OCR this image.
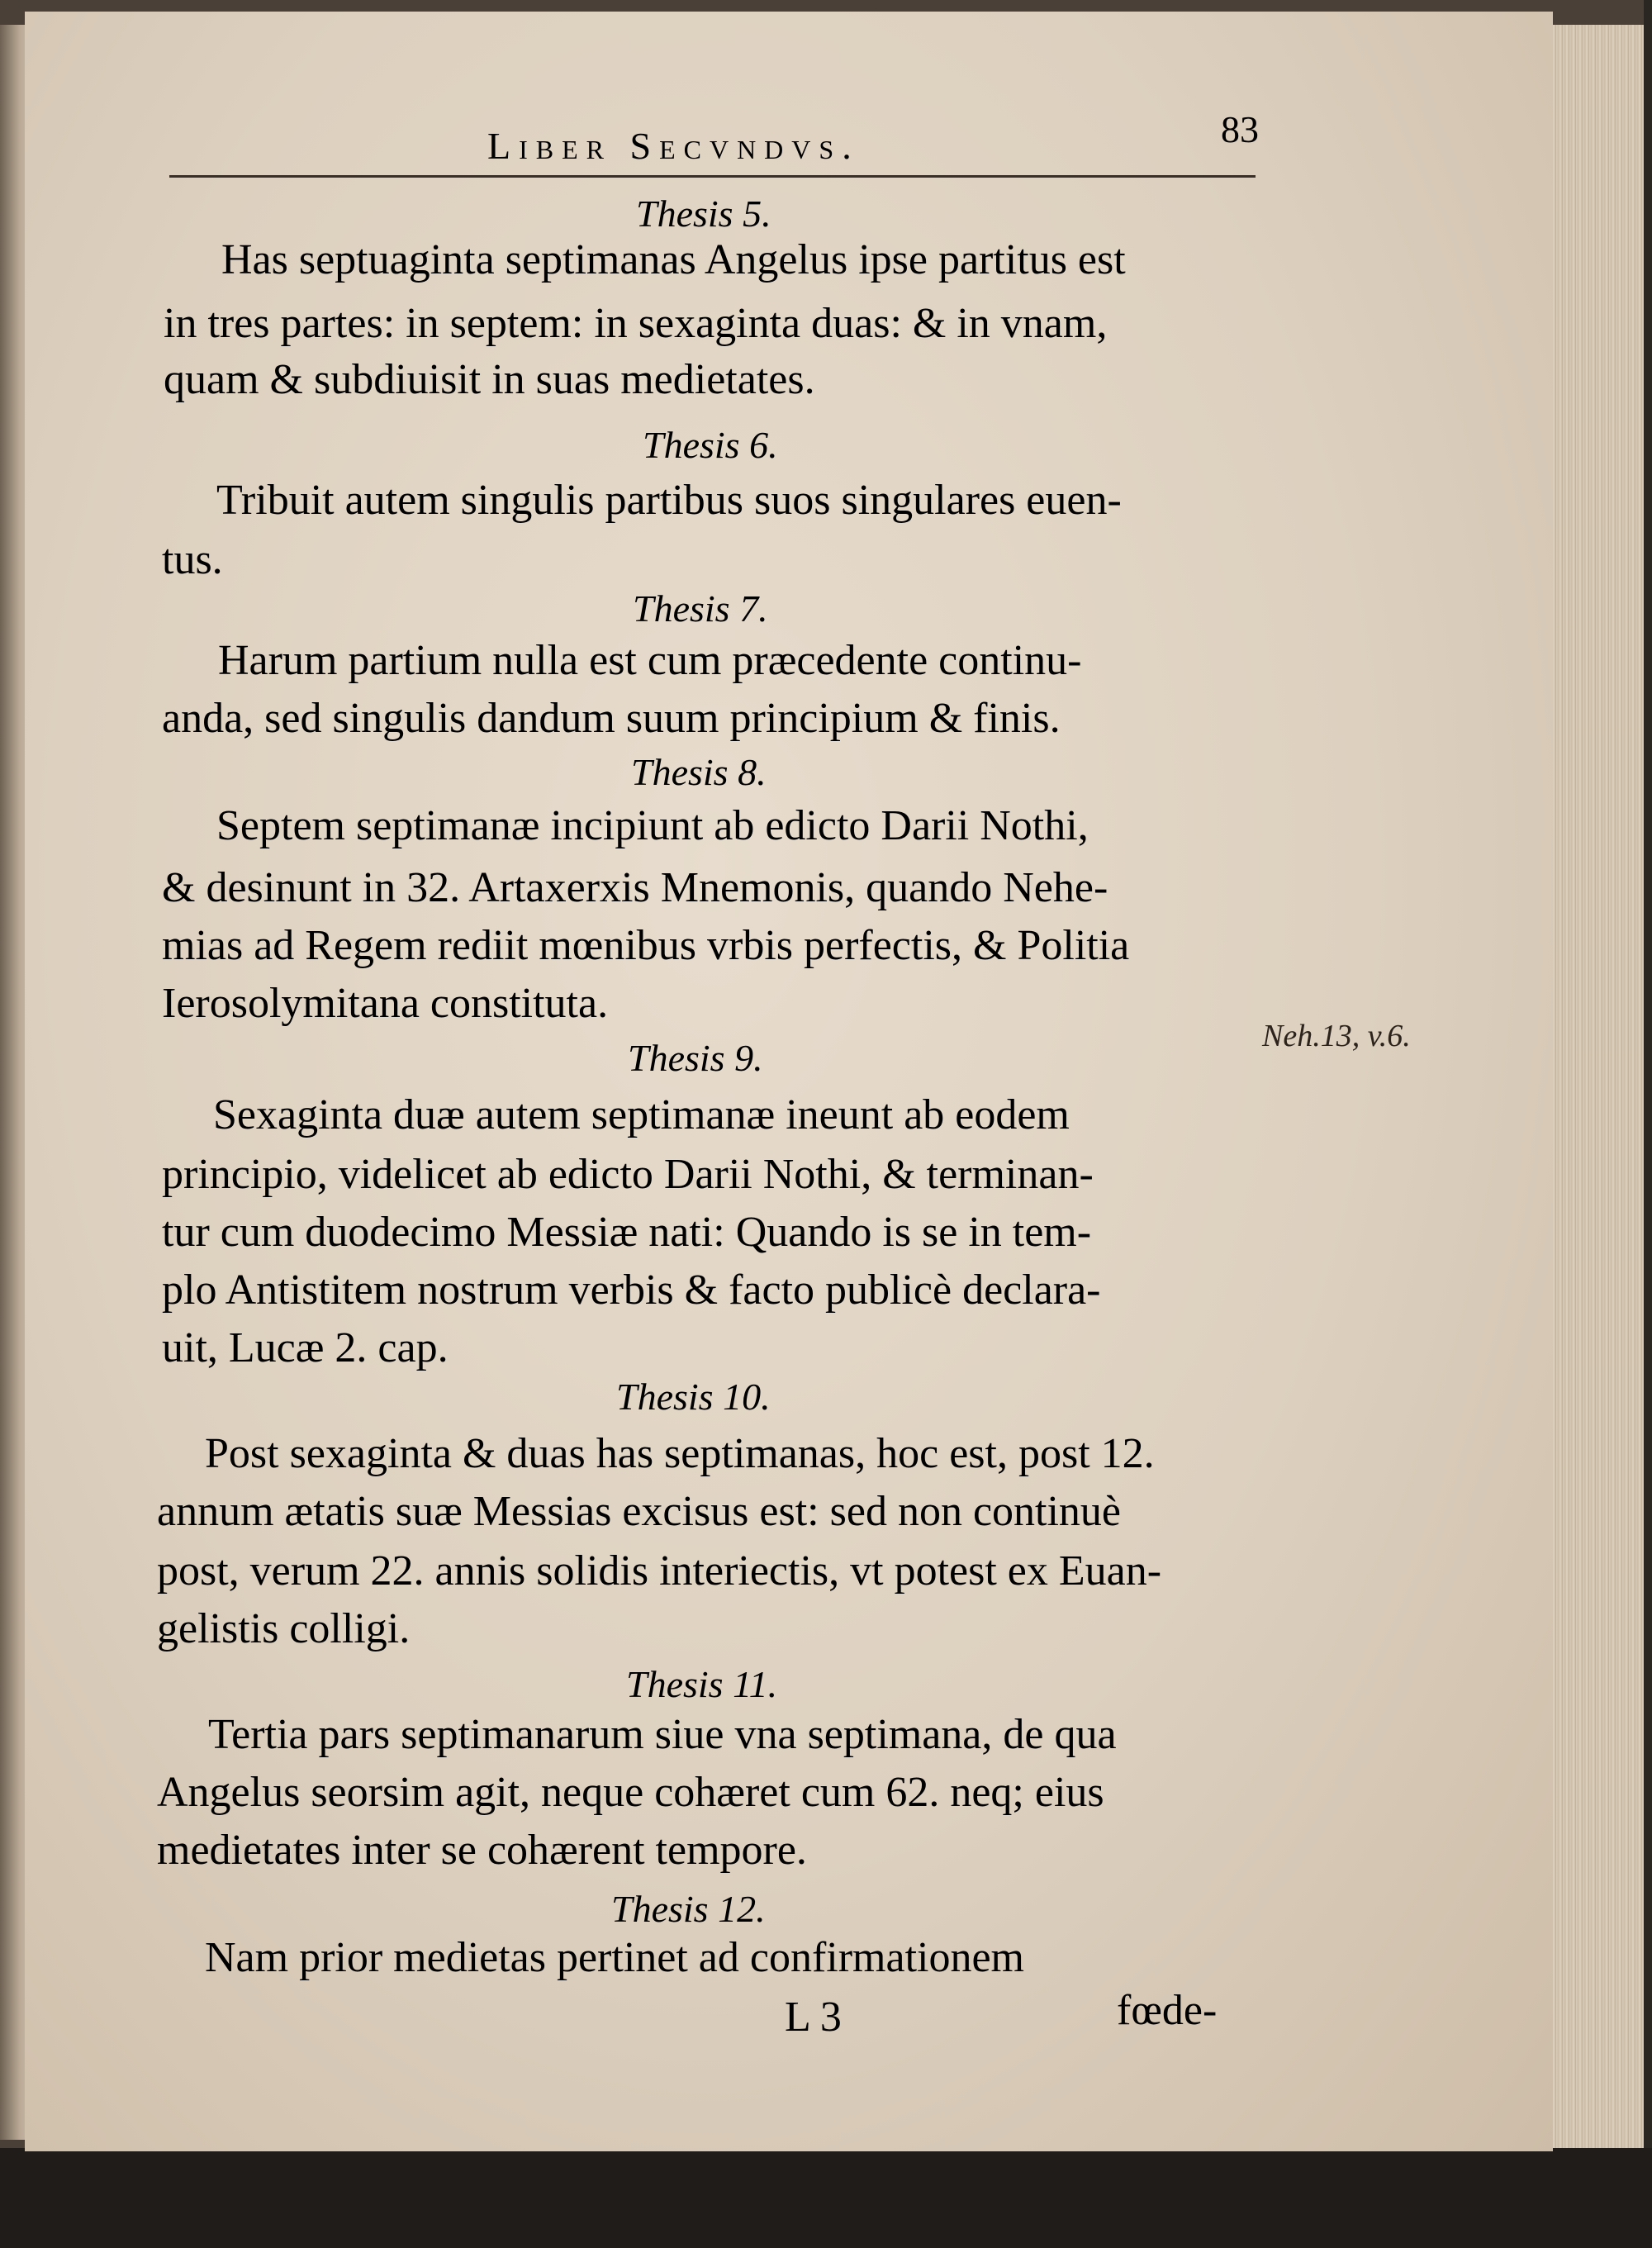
Liber Secvndvs.	83
Thesis 5.
Has septuaginta septimanas Angelus ipse partitus est
in tres partes: in septem: in sexaginta duas: & in vnam,
quam & subdiuisit in suas medietates.
Thesis 6.
Tribuit autem singulis partibus suos singulares euen-
tus.
Thesis 7.
Harum partium nulla est cum præcedente continu-
anda, sed singulis dandum suum principium & finis.
Thesis 8.
Septem septimanæ incipiunt ab edicto Darii Nothi,
& desinunt in 32. Artaxerxis Mnemonis, quando Nehe-
mias ad Regem rediit mœnibus vrbis perfectis, & Politia
Ierosolymitana constituta.
Neh.13, v.6.
Thesis 9.
Sexaginta duæ autem septimanæ ineunt ab eodem
principio, videlicet ab edicto Darii Nothi, & terminan-
tur cum duodecimo Messiæ nati: Quando is se in tem-
plo Antistitem nostrum verbis & facto publicè declara-
uit, Lucæ 2. cap.
Thesis 10.
Post sexaginta & duas has septimanas, hoc est, post 12.
annum ætatis suæ Messias excisus est: sed non continuè
post, verum 22. annis solidis interiectis, vt potest ex Euan-
gelistis colligi.
Thesis 11.
Tertia pars septimanarum siue vna septimana, de qua
Angelus seorsim agit, neque cohæret cum 62. neq; eius
medietates inter se cohærent tempore.
Thesis 12.
Nam prior medietas pertinet ad confirmationem
L 3	fœde-
